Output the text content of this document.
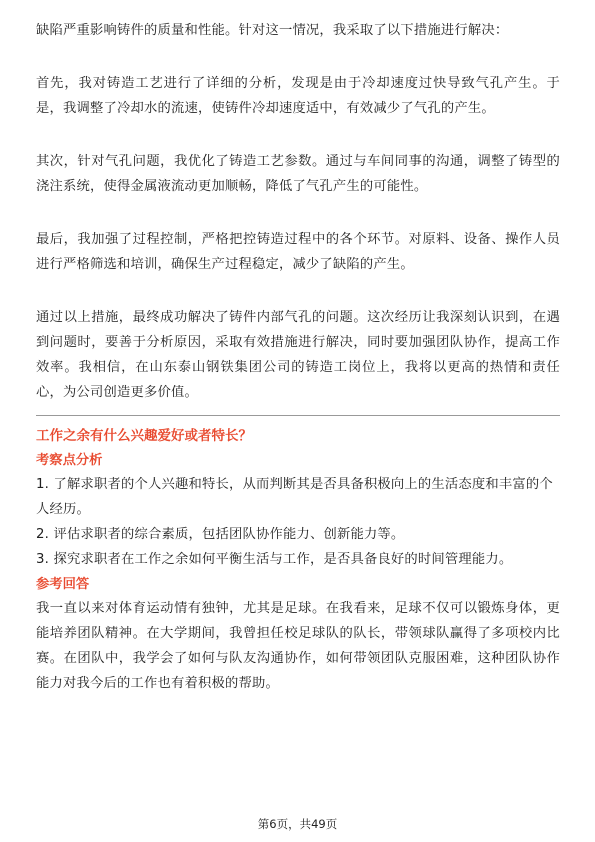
缺陷严重影响铸件的质量和性能。针对这一情况，我采取了以下措施进行解决：

首先，我对铸造工艺进行了详细的分析，发现是由于冷却速度过快导致气孔产生。于是，我调整了冷却水的流速，使铸件冷却速度适中，有效减少了气孔的产生。

其次，针对气孔问题，我优化了铸造工艺参数。通过与车间同事的沟通，调整了铸型的浇注系统，使得金属液流动更加顺畅，降低了气孔产生的可能性。

最后，我加强了过程控制，严格把控铸造过程中的各个环节。对原料、设备、操作人员进行严格筛选和培训，确保生产过程稳定，减少了缺陷的产生。

通过以上措施，最终成功解决了铸件内部气孔的问题。这次经历让我深刻认识到，在遇到问题时，要善于分析原因，采取有效措施进行解决，同时要加强团队协作，提高工作效率。我相信，在山东泰山钢铁集团公司的铸造工岗位上，我将以更高的热情和责任心，为公司创造更多价值。

工作之余有什么兴趣爱好或者特长？

考察点分析

1. 了解求职者的个人兴趣和特长，从而判断其是否具备积极向上的生活态度和丰富的个人经历。

2. 评估求职者的综合素质，包括团队协作能力、创新能力等。

3. 探究求职者在工作之余如何平衡生活与工作，是否具备良好的时间管理能力。

参考回答

我一直以来对体育运动情有独钟，尤其是足球。在我看来，足球不仅可以锻炼身体，更能培养团队精神。在大学期间，我曾担任校足球队的队长，带领球队赢得了多项校内比赛。在团队中，我学会了如何与队友沟通协作，如何带领团队克服困难，这种团队协作能力对我今后的工作也有着积极的帮助。

第6页，共49页
